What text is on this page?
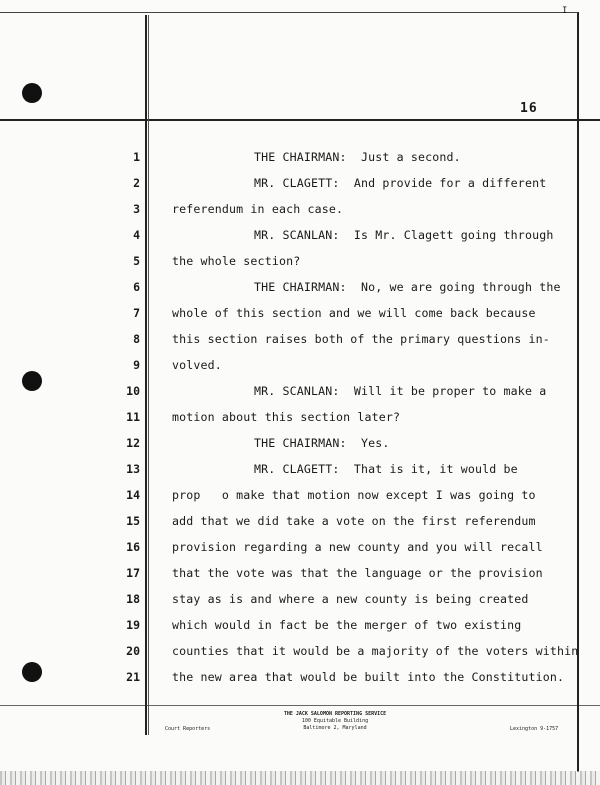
I
16
1	THE CHAIRMAN:  Just a second.
2	MR. CLAGETT:  And provide for a different
3	referendum in each case.
4	MR. SCANLAN:  Is Mr. Clagett going through
5	the whole section?
6	THE CHAIRMAN:  No, we are going through the
7	whole of this section and we will come back because
8	this section raises both of the primary questions in-
9	volved.
10	MR. SCANLAN:  Will it be proper to make a
11	motion about this section later?
12	THE CHAIRMAN:  Yes.
13	MR. CLAGETT:  That is it, it would be
14	prop   o make that motion now except I was going to
15	add that we did take a vote on the first referendum
16	provision regarding a new county and you will recall
17	that the vote was that the language or the provision
18	stay as is and where a new county is being created
19	which would in fact be the merger of two existing
20	counties that it would be a majority of the voters within
21	the new area that would be built into the Constitution.
THE JACK SALOMON REPORTING SERVICE
100 Equitable Building
Baltimore 2, Maryland
Court Reporters	Lexington 9-1757
